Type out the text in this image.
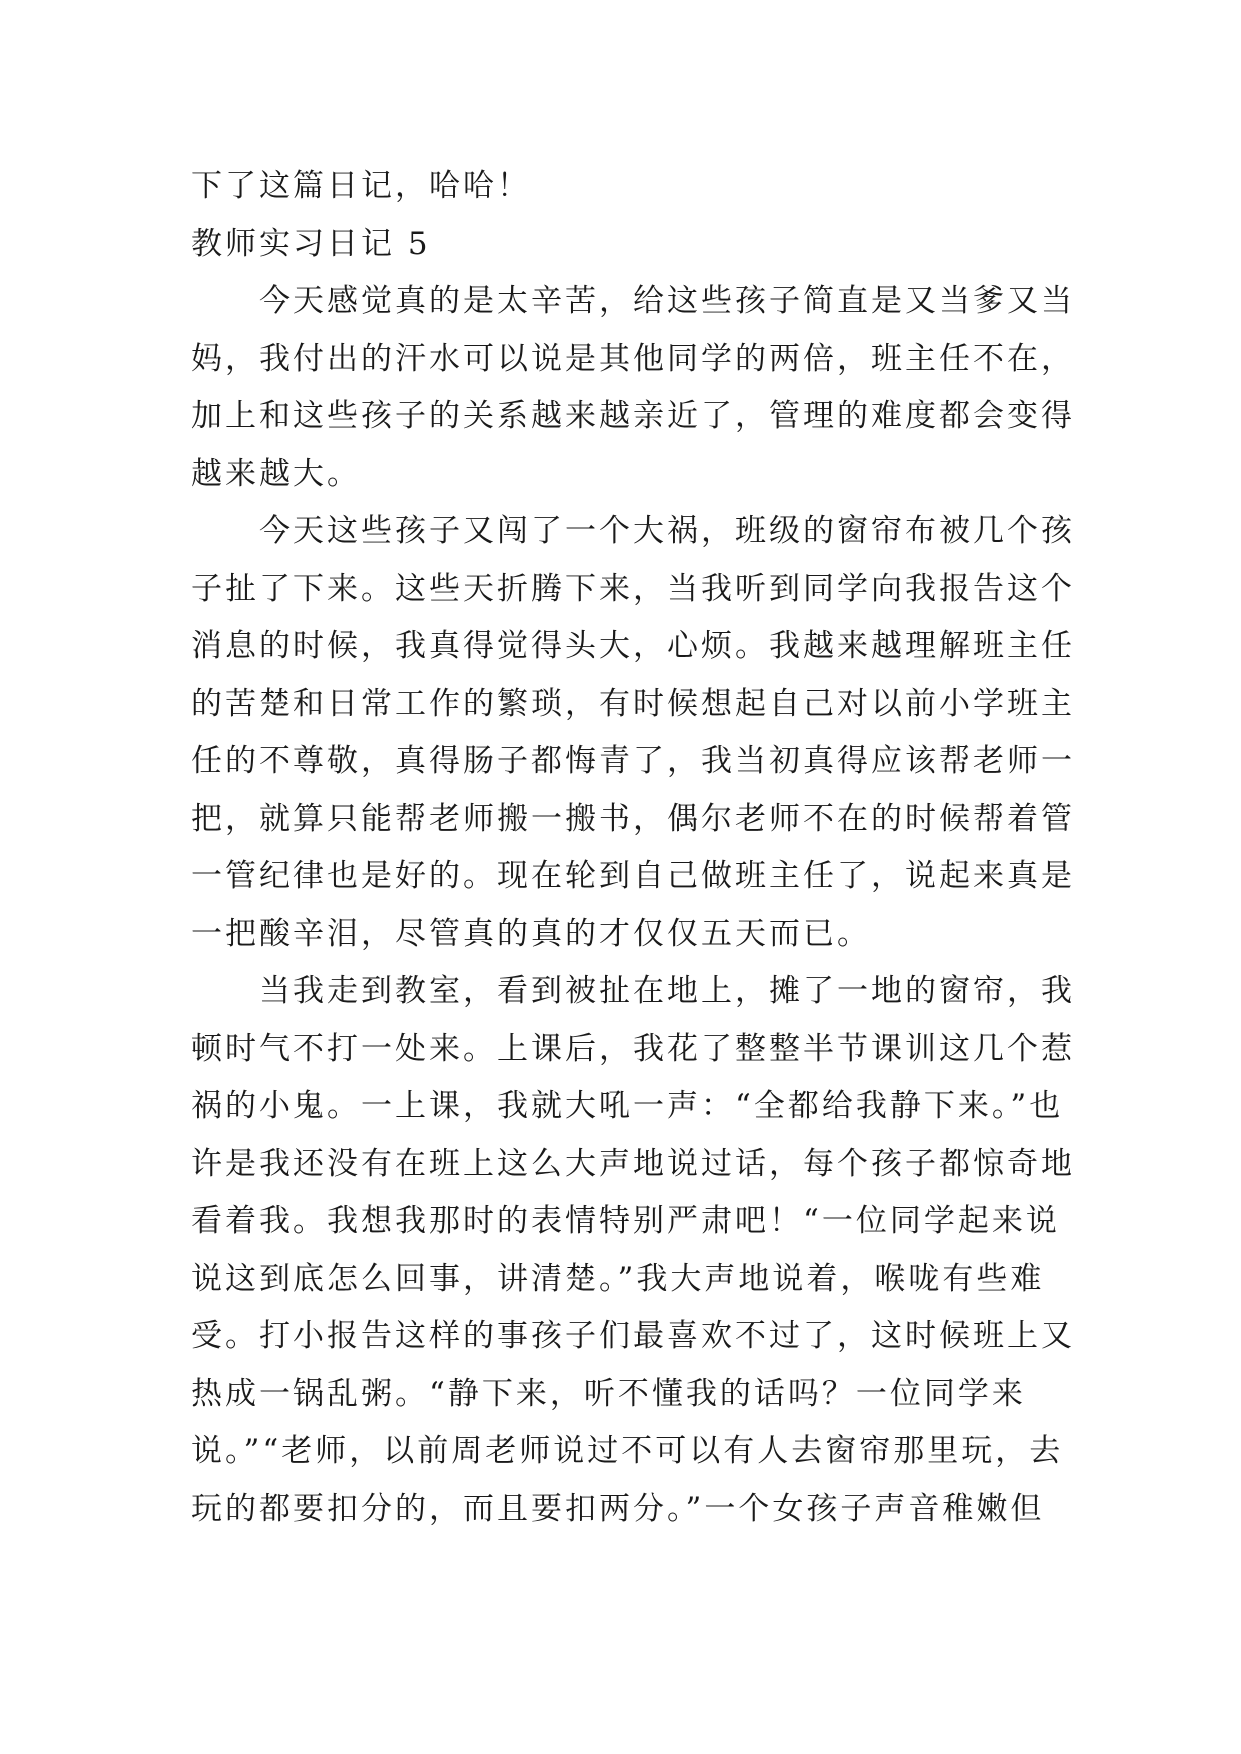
下了这篇日记，哈哈！
教师实习日记 5
今天感觉真的是太辛苦，给这些孩子简直是又当爹又当
妈，我付出的汗水可以说是其他同学的两倍，班主任不在，
加上和这些孩子的关系越来越亲近了，管理的难度都会变得
越来越大。
今天这些孩子又闯了一个大祸，班级的窗帘布被几个孩
子扯了下来。这些天折腾下来，当我听到同学向我报告这个
消息的时候，我真得觉得头大，心烦。我越来越理解班主任
的苦楚和日常工作的繁琐，有时候想起自己对以前小学班主
任的不尊敬，真得肠子都悔青了，我当初真得应该帮老师一
把，就算只能帮老师搬一搬书，偶尔老师不在的时候帮着管
一管纪律也是好的。现在轮到自己做班主任了，说起来真是
一把酸辛泪，尽管真的真的才仅仅五天而已。
当我走到教室，看到被扯在地上，摊了一地的窗帘，我
顿时气不打一处来。上课后，我花了整整半节课训这几个惹
祸的小鬼。一上课，我就大吼一声：“全都给我静下来。”也
许是我还没有在班上这么大声地说过话，每个孩子都惊奇地
看着我。我想我那时的表情特别严肃吧！“一位同学起来说
说这到底怎么回事，讲清楚。”我大声地说着，喉咙有些难
受。打小报告这样的事孩子们最喜欢不过了，这时候班上又
热成一锅乱粥。“静下来，听不懂我的话吗？一位同学来
说。”“老师，以前周老师说过不可以有人去窗帘那里玩，去
玩的都要扣分的，而且要扣两分。”一个女孩子声音稚嫩但
